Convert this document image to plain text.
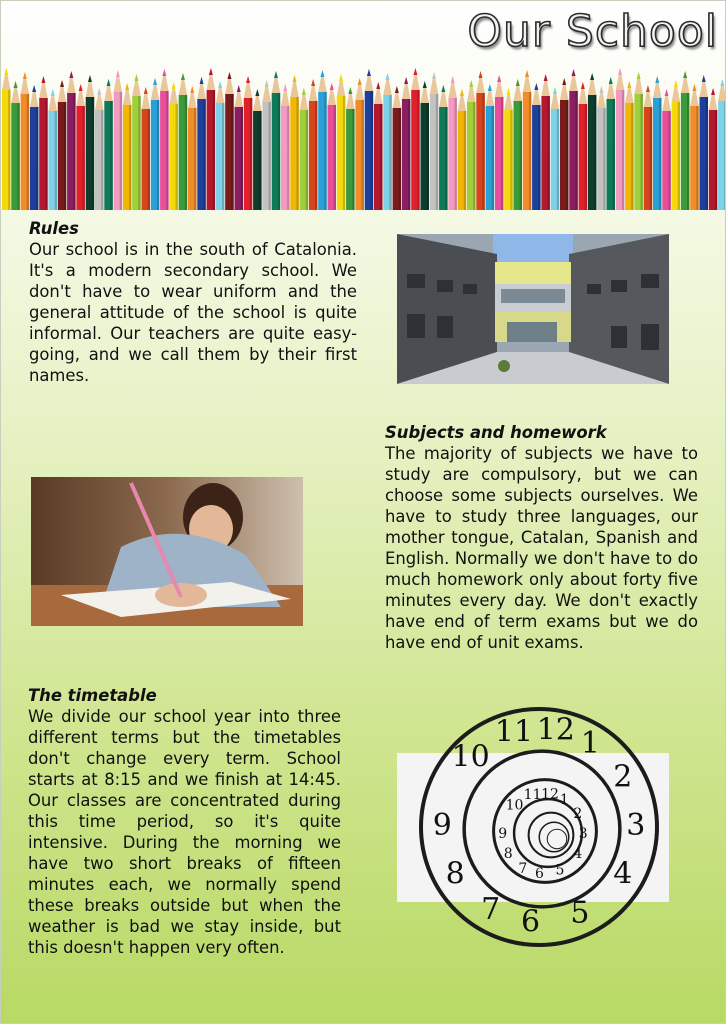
Our School
Rules

Our school is in the south of Catalonia. It's a modern secondary school. We don't have to wear uniform and the general attitude of the school is quite informal. Our teachers are quite easy-going, and we call them by their first names.

Subjects and homework

The majority of subjects we have to study are compulsory, but we can choose some subjects ourselves. We have to study three languages, our mother tongue, Catalan, Spanish and English. Normally we don't have to do much homework only about forty five minutes every day. We don't exactly have end of term exams but we do have end of unit exams.

The timetable

We divide our school year into three different terms but the timetables don't change every term. School starts at 8:15 and we finish at 14:45. Our classes are concentrated during this time period, so it's quite intensive. During the morning we have two short breaks of fifteen minutes each, we normally spend these breaks outside but when the weather is bad we stay inside, but this doesn't happen very often.

11 12 1
10
2
9	3
8	4
7 6 5
11 12 1
10
2
9	3
8	4
7 6 5
